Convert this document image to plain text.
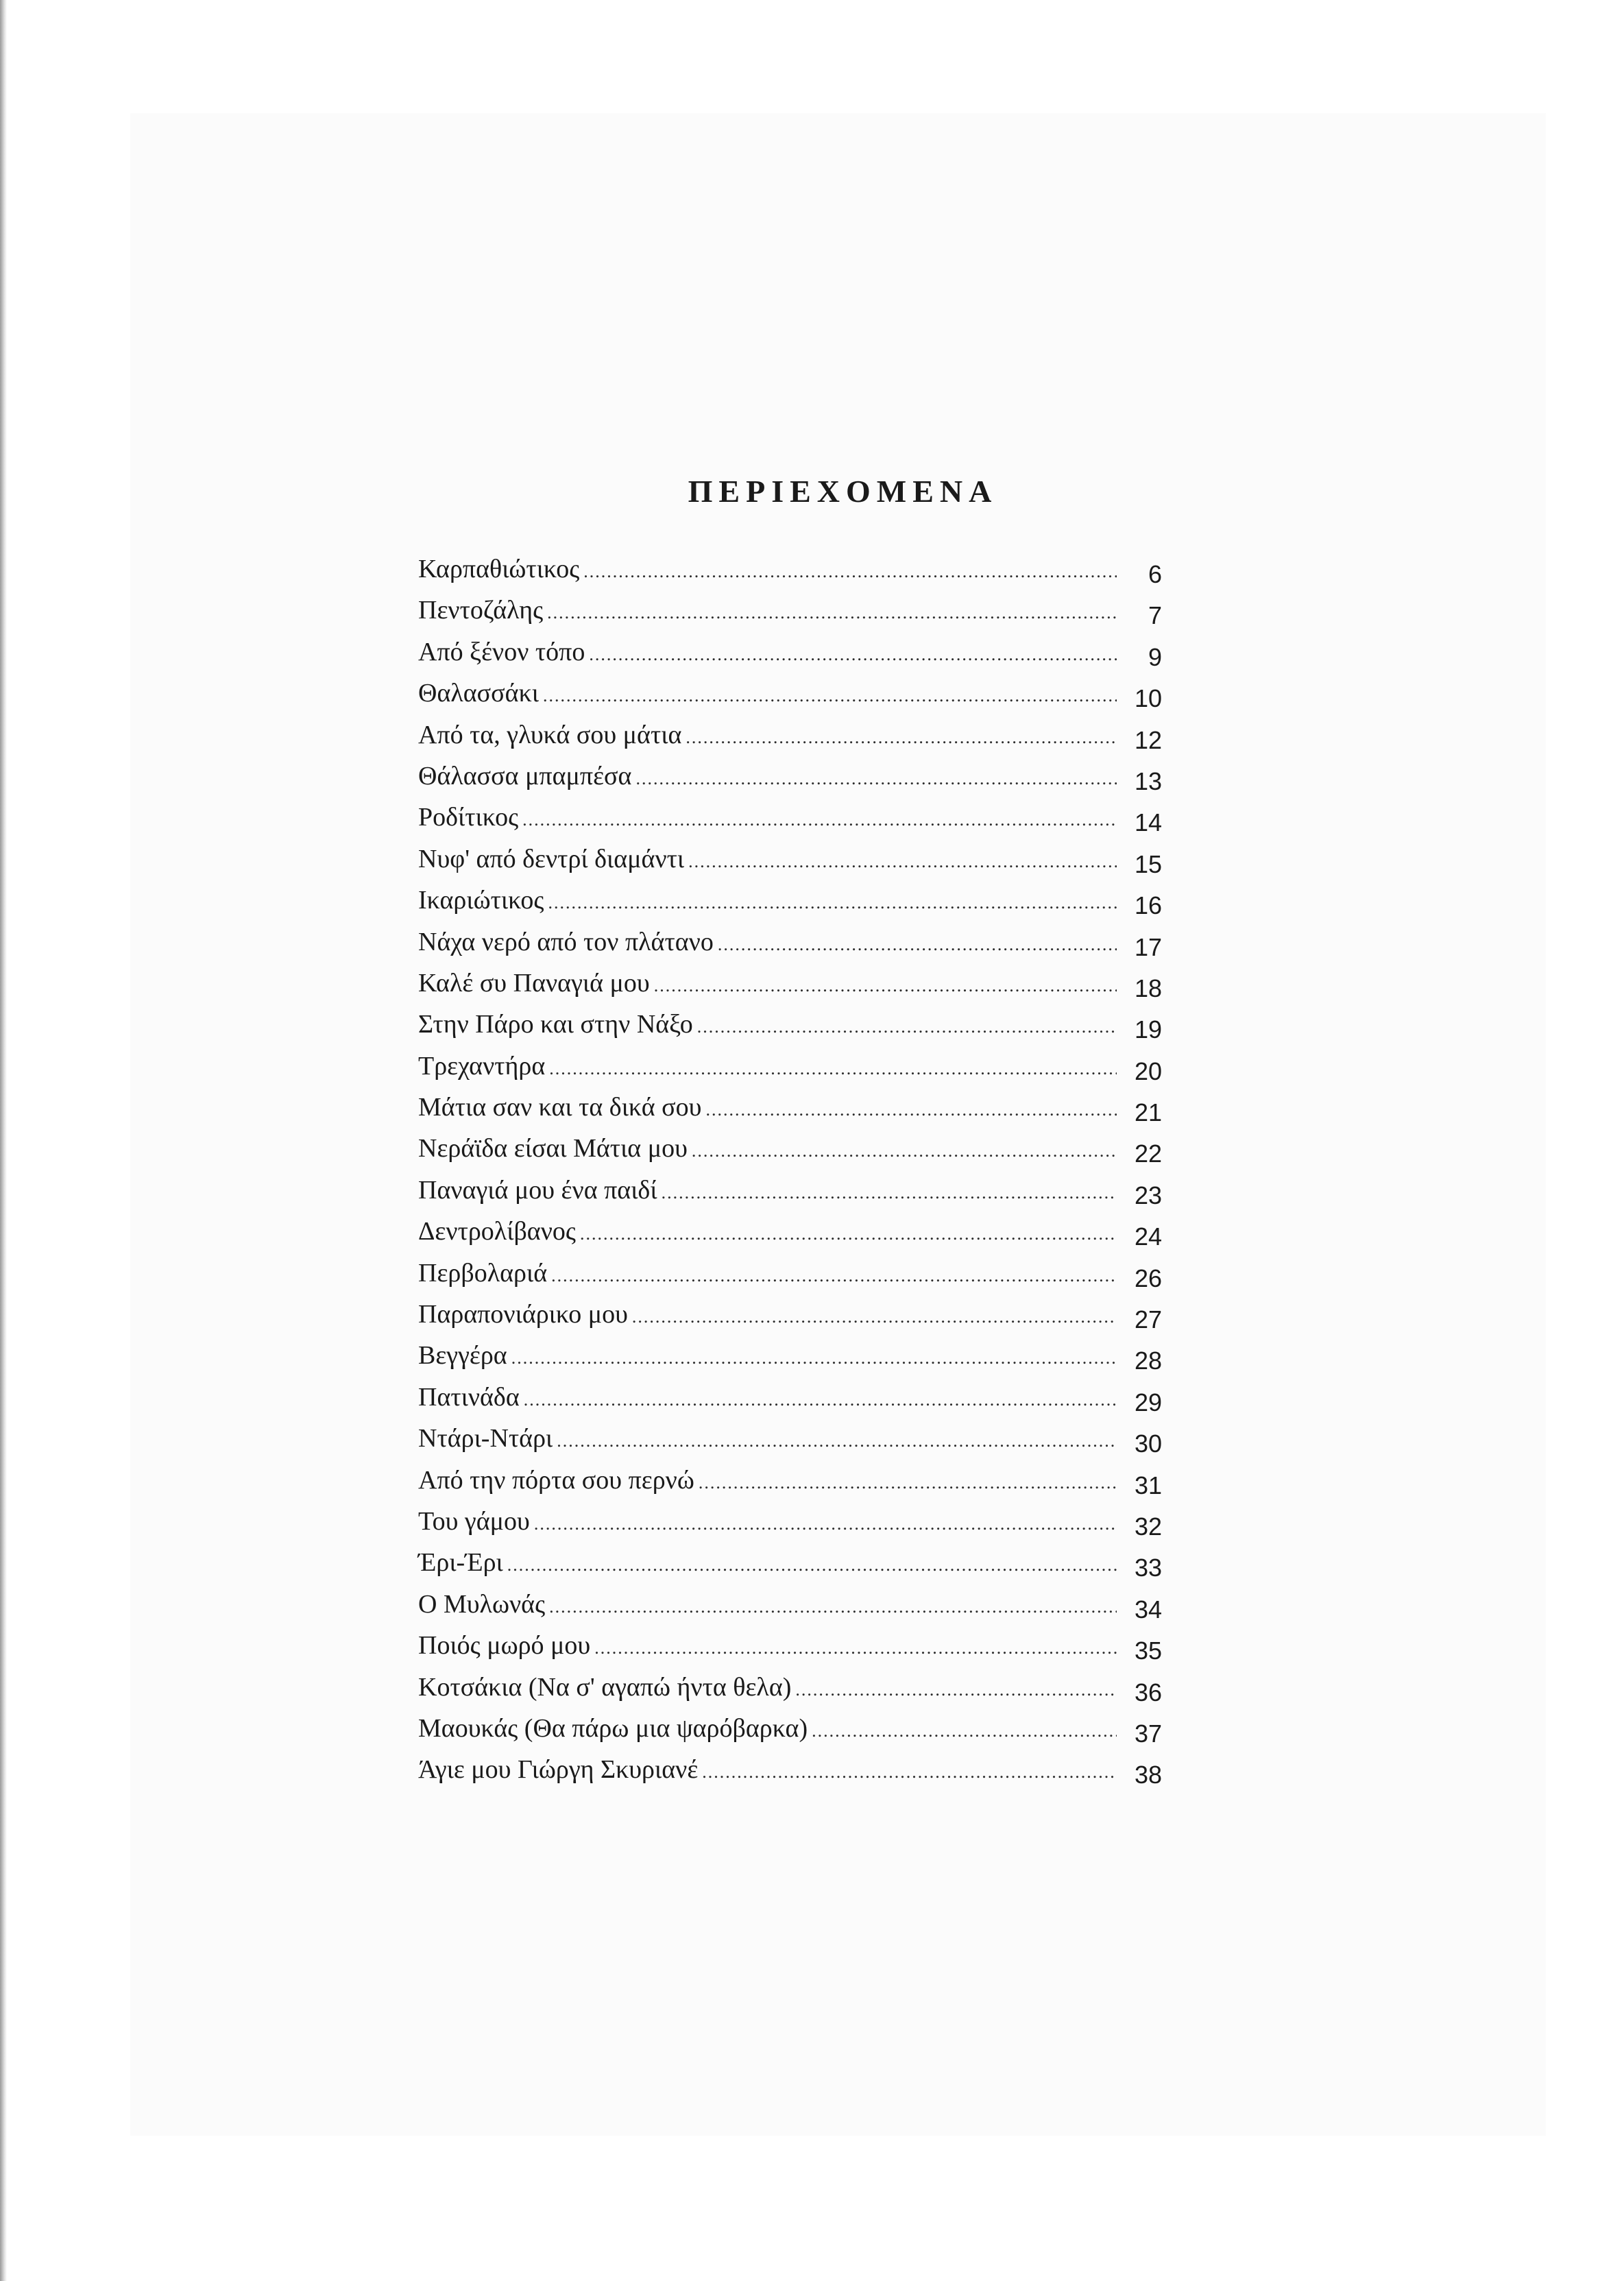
ΠΕΡΙΕΧΟΜΕΝΑ
Καρπαθιώτικος .....	6
Πεντοζάλης .....	7
Από ξένον τόπο .....	9
Θαλασσάκι .....	10
Από τα, γλυκά σου μάτια .....	12
Θάλασσα μπαμπέσα .....	13
Ροδίτικος .....	14
Νυφ' από δεντρί διαμάντι .....	15
Ικαριώτικος .....	16
Νάχα νερό από τον πλάτανο .....	17
Καλέ συ Παναγιά μου .....	18
Στην Πάρο και στην Νάξο .....	19
Τρεχαντήρα .....	20
Μάτια σαν και τα δικά σου .....	21
Νεράϊδα είσαι Μάτια μου .....	22
Παναγιά μου ένα παιδί .....	23
Δεντρολίβανος .....	24
Περβολαριά .....	26
Παραπονιάρικο μου .....	27
Βεγγέρα .....	28
Πατινάδα .....	29
Ντάρι-Ντάρι .....	30
Από την πόρτα σου περνώ .....	31
Του γάμου .....	32
Έρι-Έρι .....	33
Ο Μυλωνάς .....	34
Ποιός μωρό μου .....	35
Κοτσάκια (Να σ' αγαπώ ήντα θελα) .....	36
Μαουκάς (Θα πάρω μια ψαρόβαρκα) .....	37
Άγιε μου Γιώργη Σκυριανέ .....	38
